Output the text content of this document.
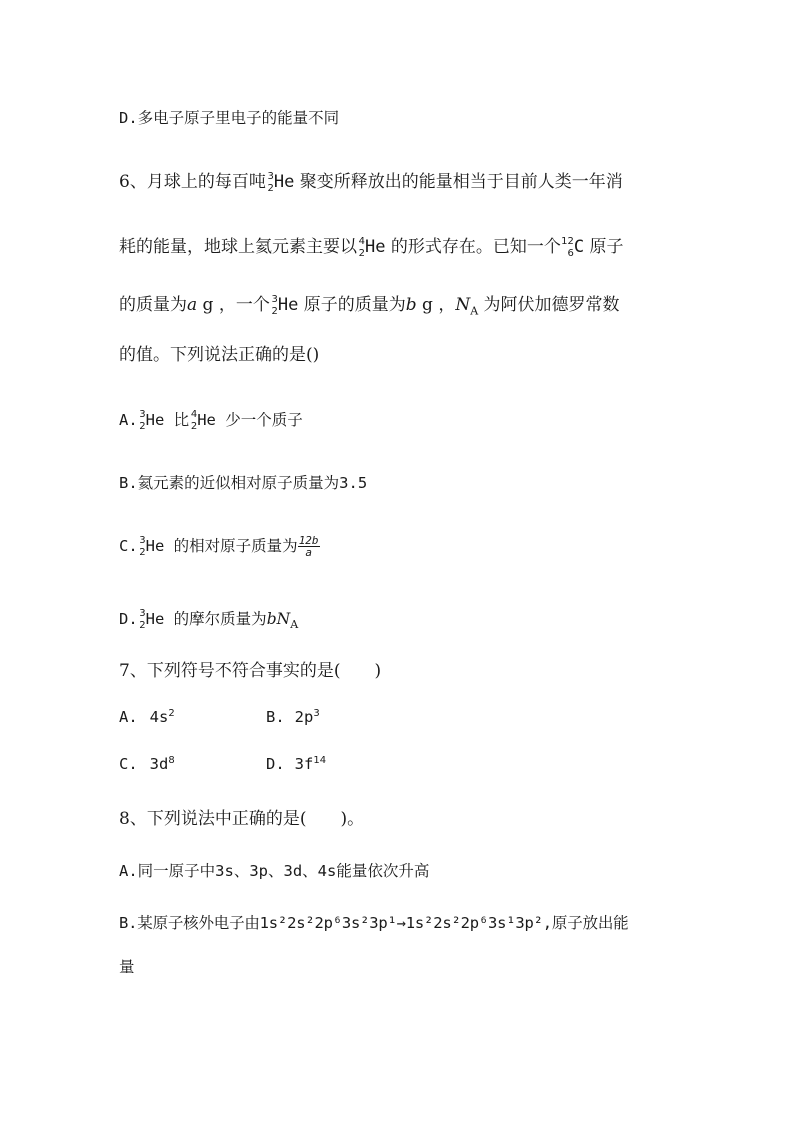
D.多电子原子里电子的能量不同
6、月球上的每百吨 3
2 He 聚变所释放出的能量相当于目前人类一年消
耗的能量，地球上氦元素主要以 4
2 He 的形式存在。已知一个 12
6 C 原子
的质量为a g ，一个 3
2 He 原子的质量为b g ，$N_A$ 为阿伏加德罗常数
的值。下列说法正确的是()
A. 3
2 He 比 4
2 He 少一个质子
B.氦元素的近似相对原子质量为3.5
C. 3
2 He 的相对原子质量为 $\frac{12b}{a}$
D. 3
2 He 的摩尔质量为$bN_A$
7、下列符号不符合事实的是(　　)
A. $4s^2$	B. $2p^3$
C. $3d^8$	D. $3f^{14}$
8、下列说法中正确的是(　　)。
A.同一原子中3s、3p、3d、4s能量依次升高
B.某原子核外电子由1s²2s²2p⁶3s²3p¹→1s²2s²2p⁶3s¹3p²,原子放出能
量
